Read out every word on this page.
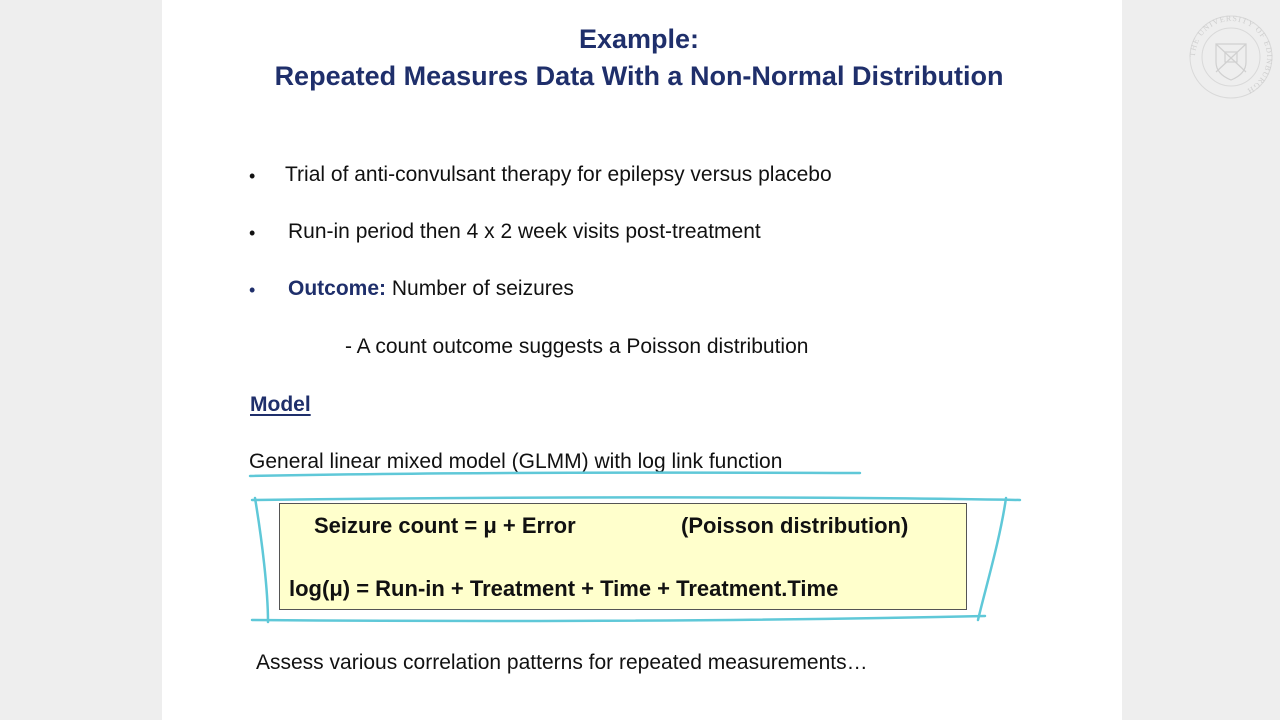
Example:
Repeated Measures Data With a Non-Normal Distribution
• Trial of anti-convulsant therapy for epilepsy versus placebo
• Run-in period then 4 x 2 week visits post-treatment
• Outcome: Number of seizures
- A count outcome suggests a Poisson distribution
Model
General linear mixed model (GLMM) with log link function
Seizure count = μ + Error	(Poisson distribution)
log(μ) = Run-in + Treatment + Time + Treatment.Time
Assess various correlation patterns for repeated measurements…
THE UNIVERSITY OF EDINBURGH
